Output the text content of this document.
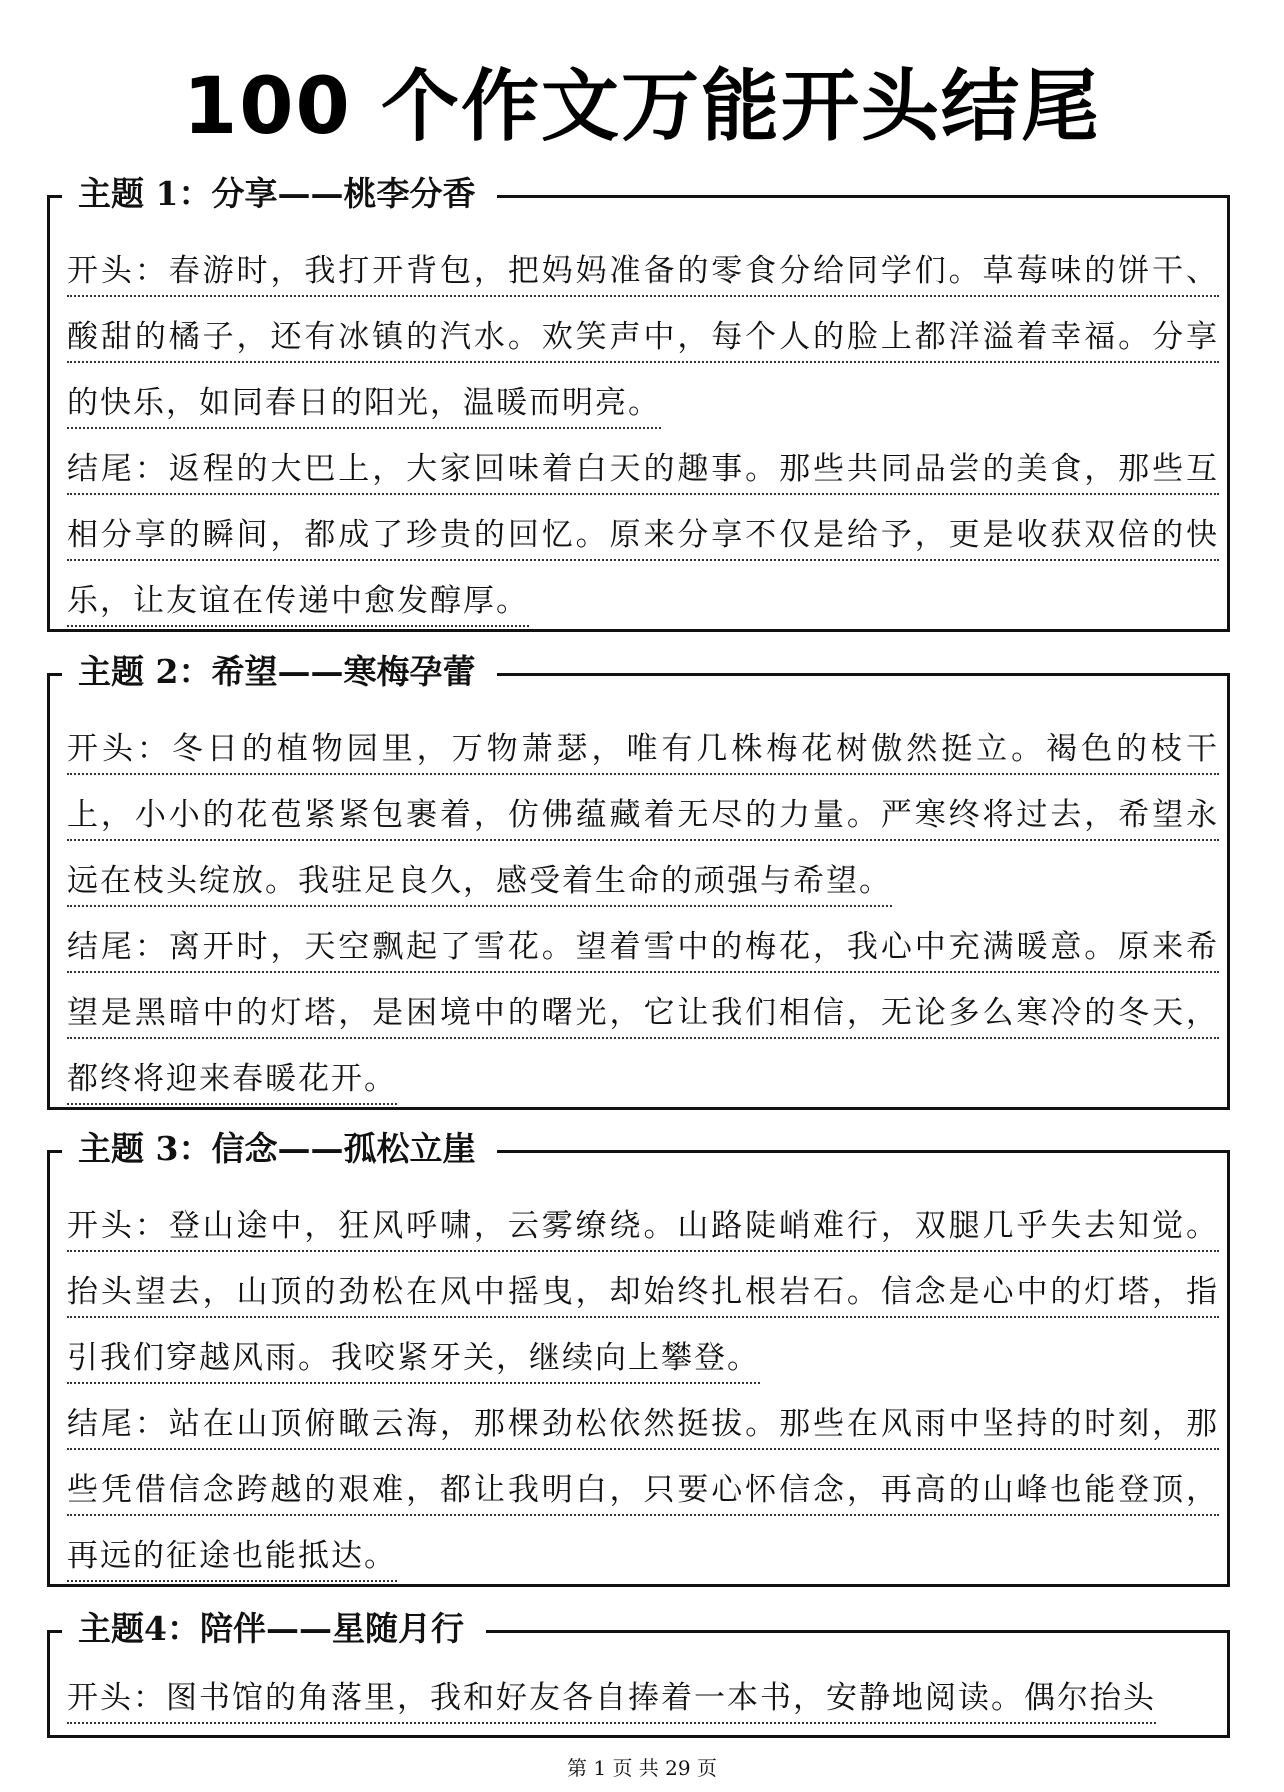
100 个作文万能开头结尾
主题 1：分享——桃李分香
开头：春游时，我打开背包，把妈妈准备的零食分给同学们。草莓味的饼干、酸甜的橘子，还有冰镇的汽水。欢笑声中，每个人的脸上都洋溢着幸福。分享的快乐，如同春日的阳光，温暖而明亮。
结尾：返程的大巴上，大家回味着白天的趣事。那些共同品尝的美食，那些互相分享的瞬间，都成了珍贵的回忆。原来分享不仅是给予，更是收获双倍的快乐，让友谊在传递中愈发醇厚。
主题 2：希望——寒梅孕蕾
开头：冬日的植物园里，万物萧瑟，唯有几株梅花树傲然挺立。褐色的枝干上，小小的花苞紧紧包裹着，仿佛蕴藏着无尽的力量。严寒终将过去，希望永远在枝头绽放。我驻足良久，感受着生命的顽强与希望。
结尾：离开时，天空飘起了雪花。望着雪中的梅花，我心中充满暖意。原来希望是黑暗中的灯塔，是困境中的曙光，它让我们相信，无论多么寒冷的冬天，都终将迎来春暖花开。
主题 3：信念——孤松立崖
开头：登山途中，狂风呼啸，云雾缭绕。山路陡峭难行，双腿几乎失去知觉。抬头望去，山顶的劲松在风中摇曳，却始终扎根岩石。信念是心中的灯塔，指引我们穿越风雨。我咬紧牙关，继续向上攀登。
结尾：站在山顶俯瞰云海，那棵劲松依然挺拔。那些在风雨中坚持的时刻，那些凭借信念跨越的艰难，都让我明白，只要心怀信念，再高的山峰也能登顶，再远的征途也能抵达。
主题4：陪伴——星随月行
开头：图书馆的角落里，我和好友各自捧着一本书，安静地阅读。偶尔抬头
第 1 页 共 29 页
